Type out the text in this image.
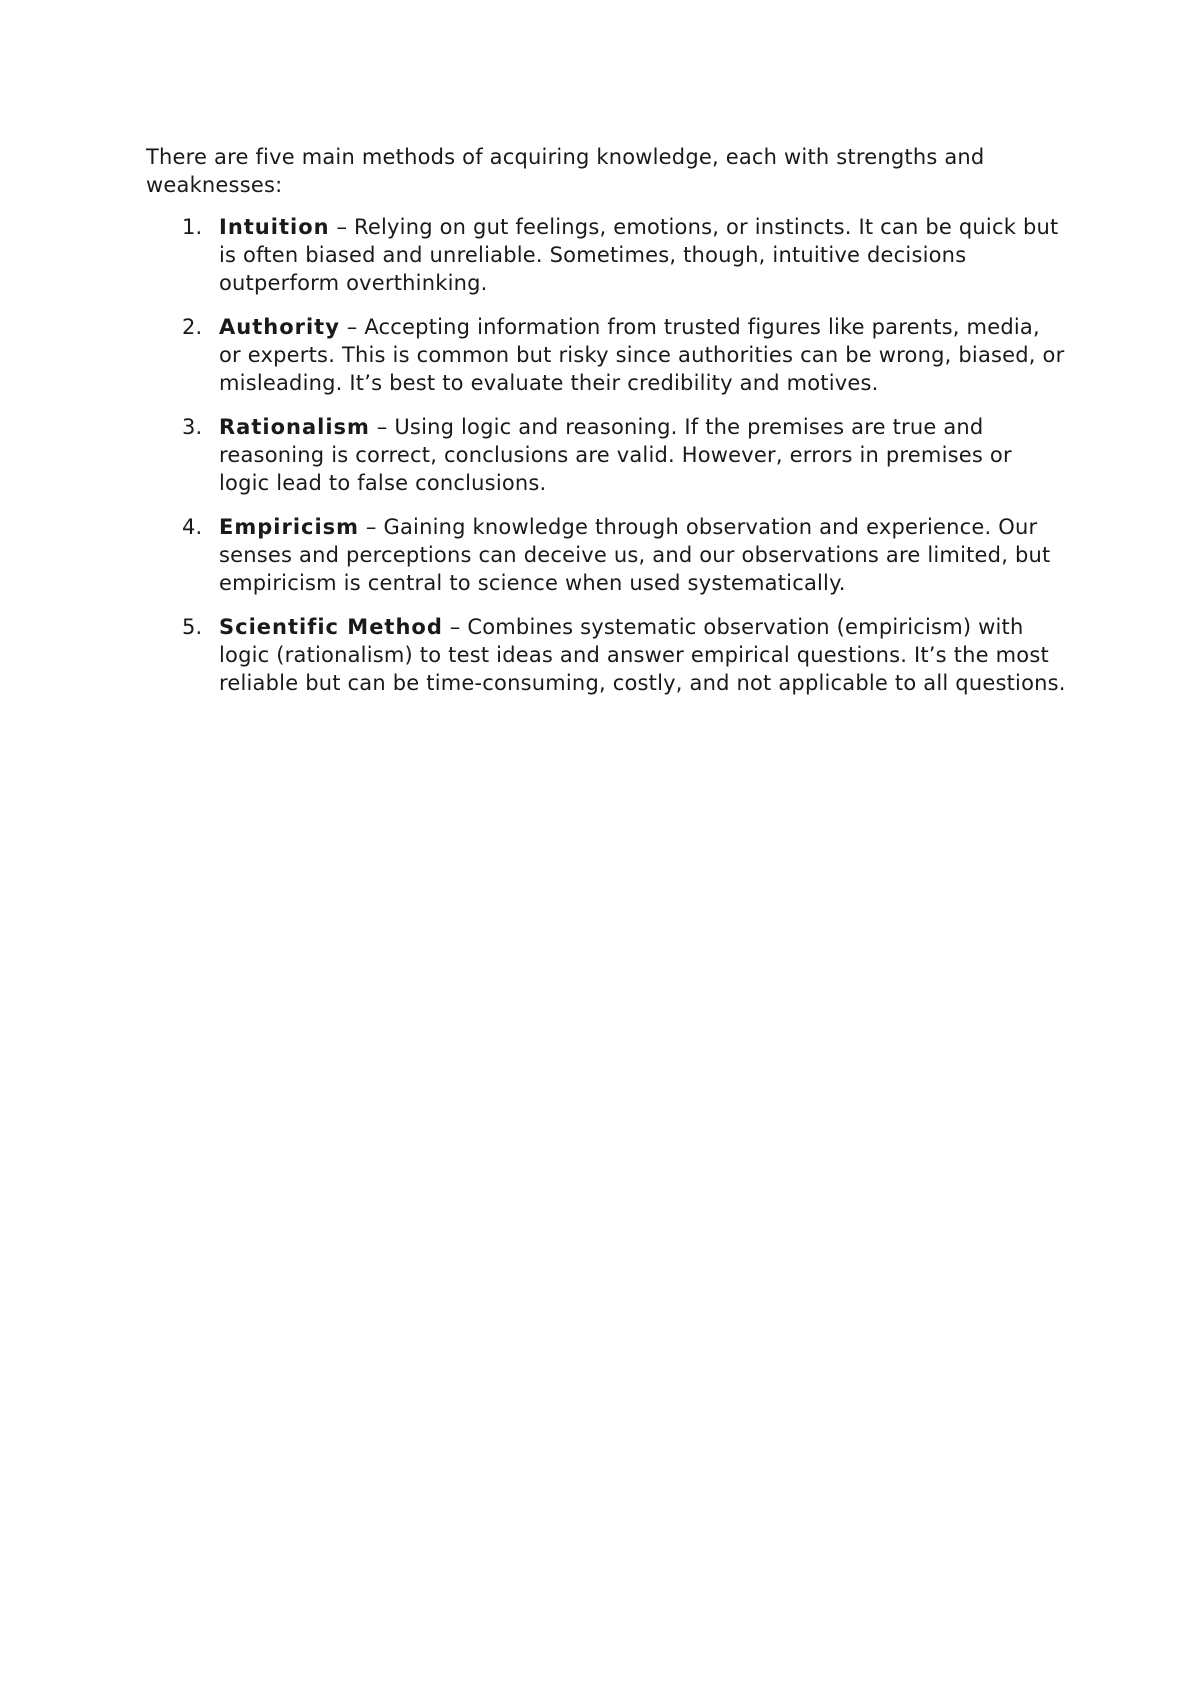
There are five main methods of acquiring knowledge, each with strengths and weaknesses:

1. Intuition – Relying on gut feelings, emotions, or instincts. It can be quick but is often biased and unreliable. Sometimes, though, intuitive decisions outperform overthinking.
2. Authority – Accepting information from trusted figures like parents, media, or experts. This is common but risky since authorities can be wrong, biased, or misleading. It’s best to evaluate their credibility and motives.
3. Rationalism – Using logic and reasoning. If the premises are true and reasoning is correct, conclusions are valid. However, errors in premises or logic lead to false conclusions.
4. Empiricism – Gaining knowledge through observation and experience. Our senses and perceptions can deceive us, and our observations are limited, but empiricism is central to science when used systematically.
5. Scientific Method – Combines systematic observation (empiricism) with logic (rationalism) to test ideas and answer empirical questions. It’s the most reliable but can be time-consuming, costly, and not applicable to all questions.
